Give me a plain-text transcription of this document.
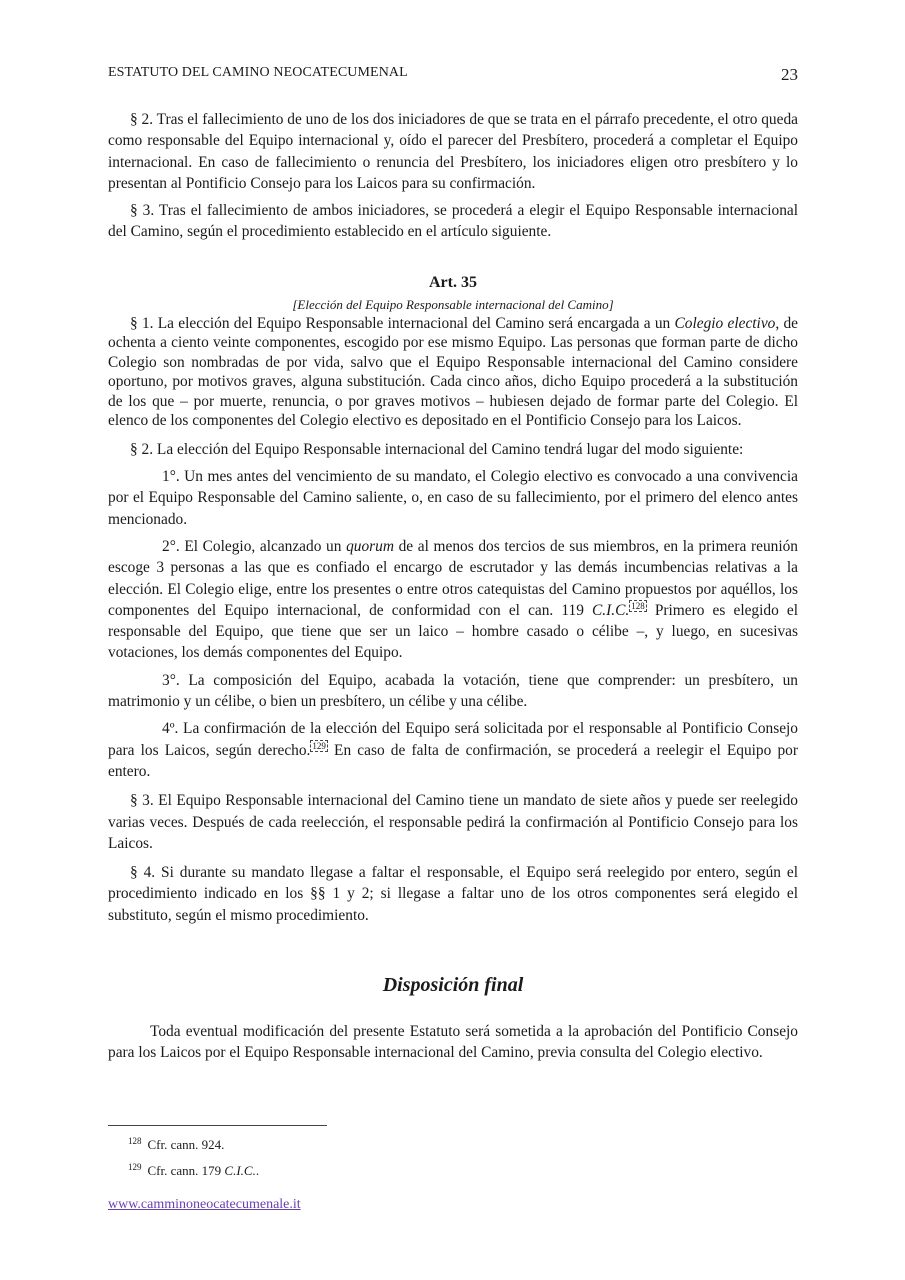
ESTATUTO DEL CAMINO NEOCATECUMENAL	23

§ 2. Tras el fallecimiento de uno de los dos iniciadores de que se trata en el párrafo precedente, el otro queda como responsable del Equipo internacional y, oído el parecer del Presbítero, procederá a completar el Equipo internacional. En caso de fallecimiento o renuncia del Presbítero, los iniciadores eligen otro presbítero y lo presentan al Pontificio Consejo para los Laicos para su confirmación.

§ 3. Tras el fallecimiento de ambos iniciadores, se procederá a elegir el Equipo Responsable internacional del Camino, según el procedimiento establecido en el artículo siguiente.

Art. 35
[Elección del Equipo Responsable internacional del Camino]

§ 1. La elección del Equipo Responsable internacional del Camino será encargada a un Colegio electivo, de ochenta a ciento veinte componentes, escogido por ese mismo Equipo. Las personas que forman parte de dicho Colegio son nombradas de por vida, salvo que el Equipo Responsable internacional del Camino considere oportuno, por motivos graves, alguna substitución. Cada cinco años, dicho Equipo procederá a la substitución de los que – por muerte, renuncia, o por graves motivos – hubiesen dejado de formar parte del Colegio. El elenco de los componentes del Colegio electivo es depositado en el Pontificio Consejo para los Laicos.

§ 2. La elección del Equipo Responsable internacional del Camino tendrá lugar del modo siguiente:

1°. Un mes antes del vencimiento de su mandato, el Colegio electivo es convocado a una convivencia por el Equipo Responsable del Camino saliente, o, en caso de su fallecimiento, por el primero del elenco antes mencionado.

2°. El Colegio, alcanzado un quorum de al menos dos tercios de sus miembros, en la primera reunión escoge 3 personas a las que es confiado el encargo de escrutador y las demás incumbencias relativas a la elección. El Colegio elige, entre los presentes o entre otros catequistas del Camino propuestos por aquéllos, los componentes del Equipo internacional, de conformidad con el can. 119 C.I.C. $^{128}$ Primero es elegido el responsable del Equipo, que tiene que ser un laico – hombre casado o célibe –, y luego, en sucesivas votaciones, los demás componentes del Equipo.

3°. La composición del Equipo, acabada la votación, tiene que comprender: un presbítero, un matrimonio y un célibe, o bien un presbítero, un célibe y una célibe.

4º. La confirmación de la elección del Equipo será solicitada por el responsable al Pontificio Consejo para los Laicos, según derecho. $^{129}$ En caso de falta de confirmación, se procederá a reelegir el Equipo por entero.

§ 3. El Equipo Responsable internacional del Camino tiene un mandato de siete años y puede ser reelegido varias veces. Después de cada reelección, el responsable pedirá la confirmación al Pontificio Consejo para los Laicos.

§ 4. Si durante su mandato llegase a faltar el responsable, el Equipo será reelegido por entero, según el procedimiento indicado en los §§ 1 y 2; si llegase a faltar uno de los otros componentes será elegido el substituto, según el mismo procedimiento.

Disposición final

Toda eventual modificación del presente Estatuto será sometida a la aprobación del Pontificio Consejo para los Laicos por el Equipo Responsable internacional del Camino, previa consulta del Colegio electivo.

$^{128}$ Cfr. cann. 924.
$^{129}$ Cfr. cann. 179 C.I.C..
www.camminoneocatecumenale.it
